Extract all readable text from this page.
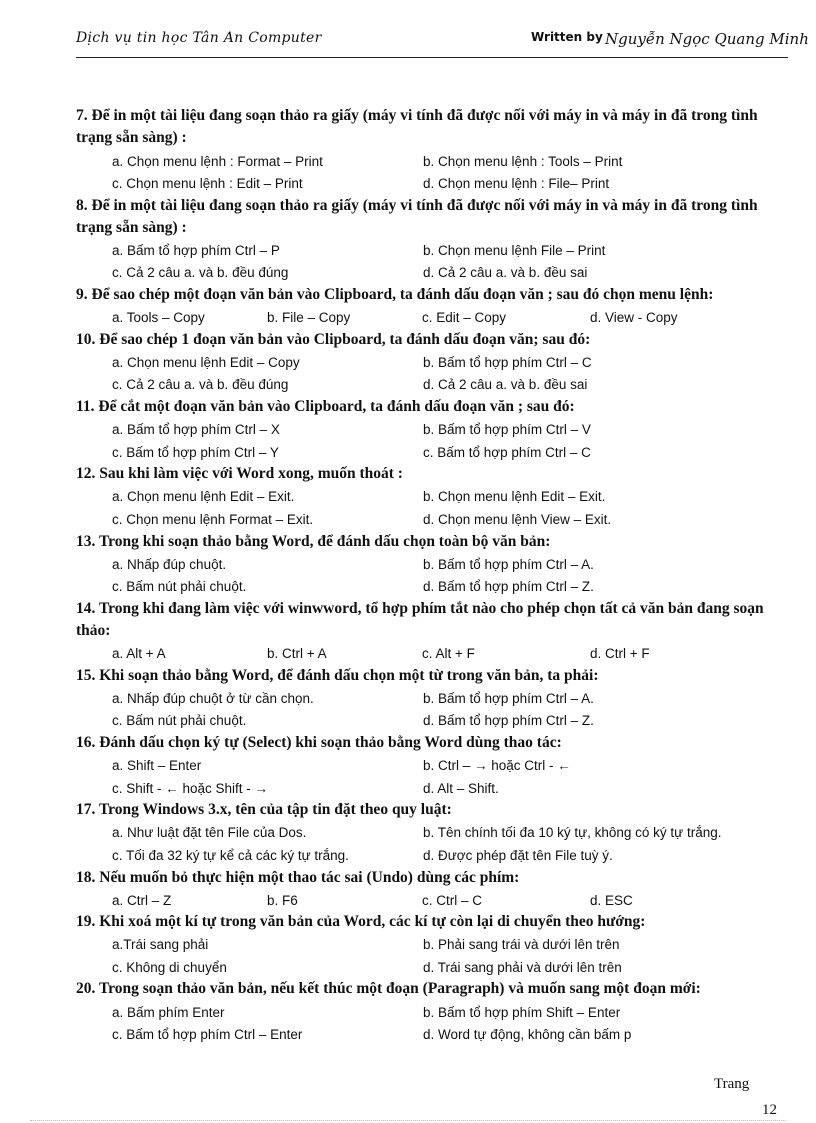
Dịch vụ tin học Tân An Computer	Written by Nguyễn Ngọc Quang Minh
7. Để in một tài liệu đang soạn thảo ra giấy (máy vi tính đã được nối với máy in và máy in đã trong tình trạng sẵn sàng) :
a. Chọn menu lệnh : Format – Print	b. Chọn menu lệnh : Tools – Print
c. Chọn menu lệnh : Edit – Print	d. Chọn menu lệnh : File– Print
8. Để in một tài liệu đang soạn thảo ra giấy (máy vi tính đã được nối với máy in và máy in đã trong tình trạng sẵn sàng) :
a. Bấm tổ hợp phím Ctrl – P	b. Chọn menu lệnh File – Print
c. Cả 2 câu a. và b. đều đúng	d. Cả 2 câu a. và b. đều sai
9. Để sao chép một đoạn văn bản vào Clipboard, ta đánh dấu đoạn văn ; sau đó chọn menu lệnh:
a. Tools – Copy	b. File – Copy	c. Edit – Copy	d. View - Copy
10. Để sao chép 1 đoạn văn bản vào Clipboard, ta đánh dấu đoạn văn; sau đó:
a. Chọn menu lệnh Edit – Copy	b. Bấm tổ hợp phím Ctrl – C
c. Cả 2 câu a. và b. đều đúng	d. Cả 2 câu a. và b. đều sai
11. Để cắt một đoạn văn bản vào Clipboard, ta đánh dấu đoạn văn ; sau đó:
a. Bấm tổ hợp phím Ctrl – X	b. Bấm tổ hợp phím Ctrl – V
c. Bấm tổ hợp phím Ctrl – Y	c. Bấm tổ hợp phím Ctrl – C
12. Sau khi làm việc với Word xong, muốn thoát :
a. Chọn menu lệnh Edit – Exit.	b. Chọn menu lệnh Edit – Exit.
c. Chọn menu lệnh Format – Exit.	d. Chọn menu lệnh View – Exit.
13. Trong khi soạn thảo bằng Word, để đánh dấu chọn toàn bộ văn bản:
a. Nhấp đúp chuột.	b. Bấm tổ hợp phím Ctrl – A.
c. Bấm nút phải chuột.	d. Bấm tổ hợp phím Ctrl – Z.
14. Trong khi đang làm việc với winwword, tổ hợp phím tắt nào cho phép chọn tất cả văn bản đang soạn thảo:
a. Alt + A	b. Ctrl + A	c. Alt + F	d. Ctrl + F
15. Khi soạn thảo bằng Word, để đánh dấu chọn một từ trong văn bản, ta phải:
a. Nhấp đúp chuột ở từ cần chọn.	b. Bấm tổ hợp phím Ctrl – A.
c. Bấm nút phải chuột.	d. Bấm tổ hợp phím Ctrl – Z.
16. Đánh dấu chọn ký tự (Select) khi soạn thảo bằng Word dùng thao tác:
a. Shift – Enter	b. Ctrl – → hoặc Ctrl - ←
c. Shift - ← hoặc Shift - →	d. Alt – Shift.
17. Trong Windows 3.x, tên của tập tin đặt theo quy luật:
a. Như luật đặt tên File của Dos.	b. Tên chính tối đa 10 ký tự, không có ký tự trắng.
c. Tối đa 32 ký tự kể cả các ký tự trắng.	d. Được phép đặt tên File tuỳ ý.
18. Nếu muốn bỏ thực hiện một thao tác sai (Undo) dùng các phím:
a. Ctrl – Z	b. F6	c. Ctrl – C	d. ESC
19. Khi xoá một kí tự trong văn bản của Word, các kí tự còn lại di chuyển theo hướng:
a.Trái sang phải	b. Phải sang trái và dưới lên trên
c. Không di chuyển	d. Trái sang phải và dưới lên trên
20. Trong soạn thảo văn bản, nếu kết thúc một đoạn (Paragraph) và muốn sang một đoạn mới:
a. Bấm phím Enter	b. Bấm tổ hợp phím Shift – Enter
c. Bấm tổ hợp phím Ctrl – Enter	d. Word tự động, không cần bấm p
Trang
12
